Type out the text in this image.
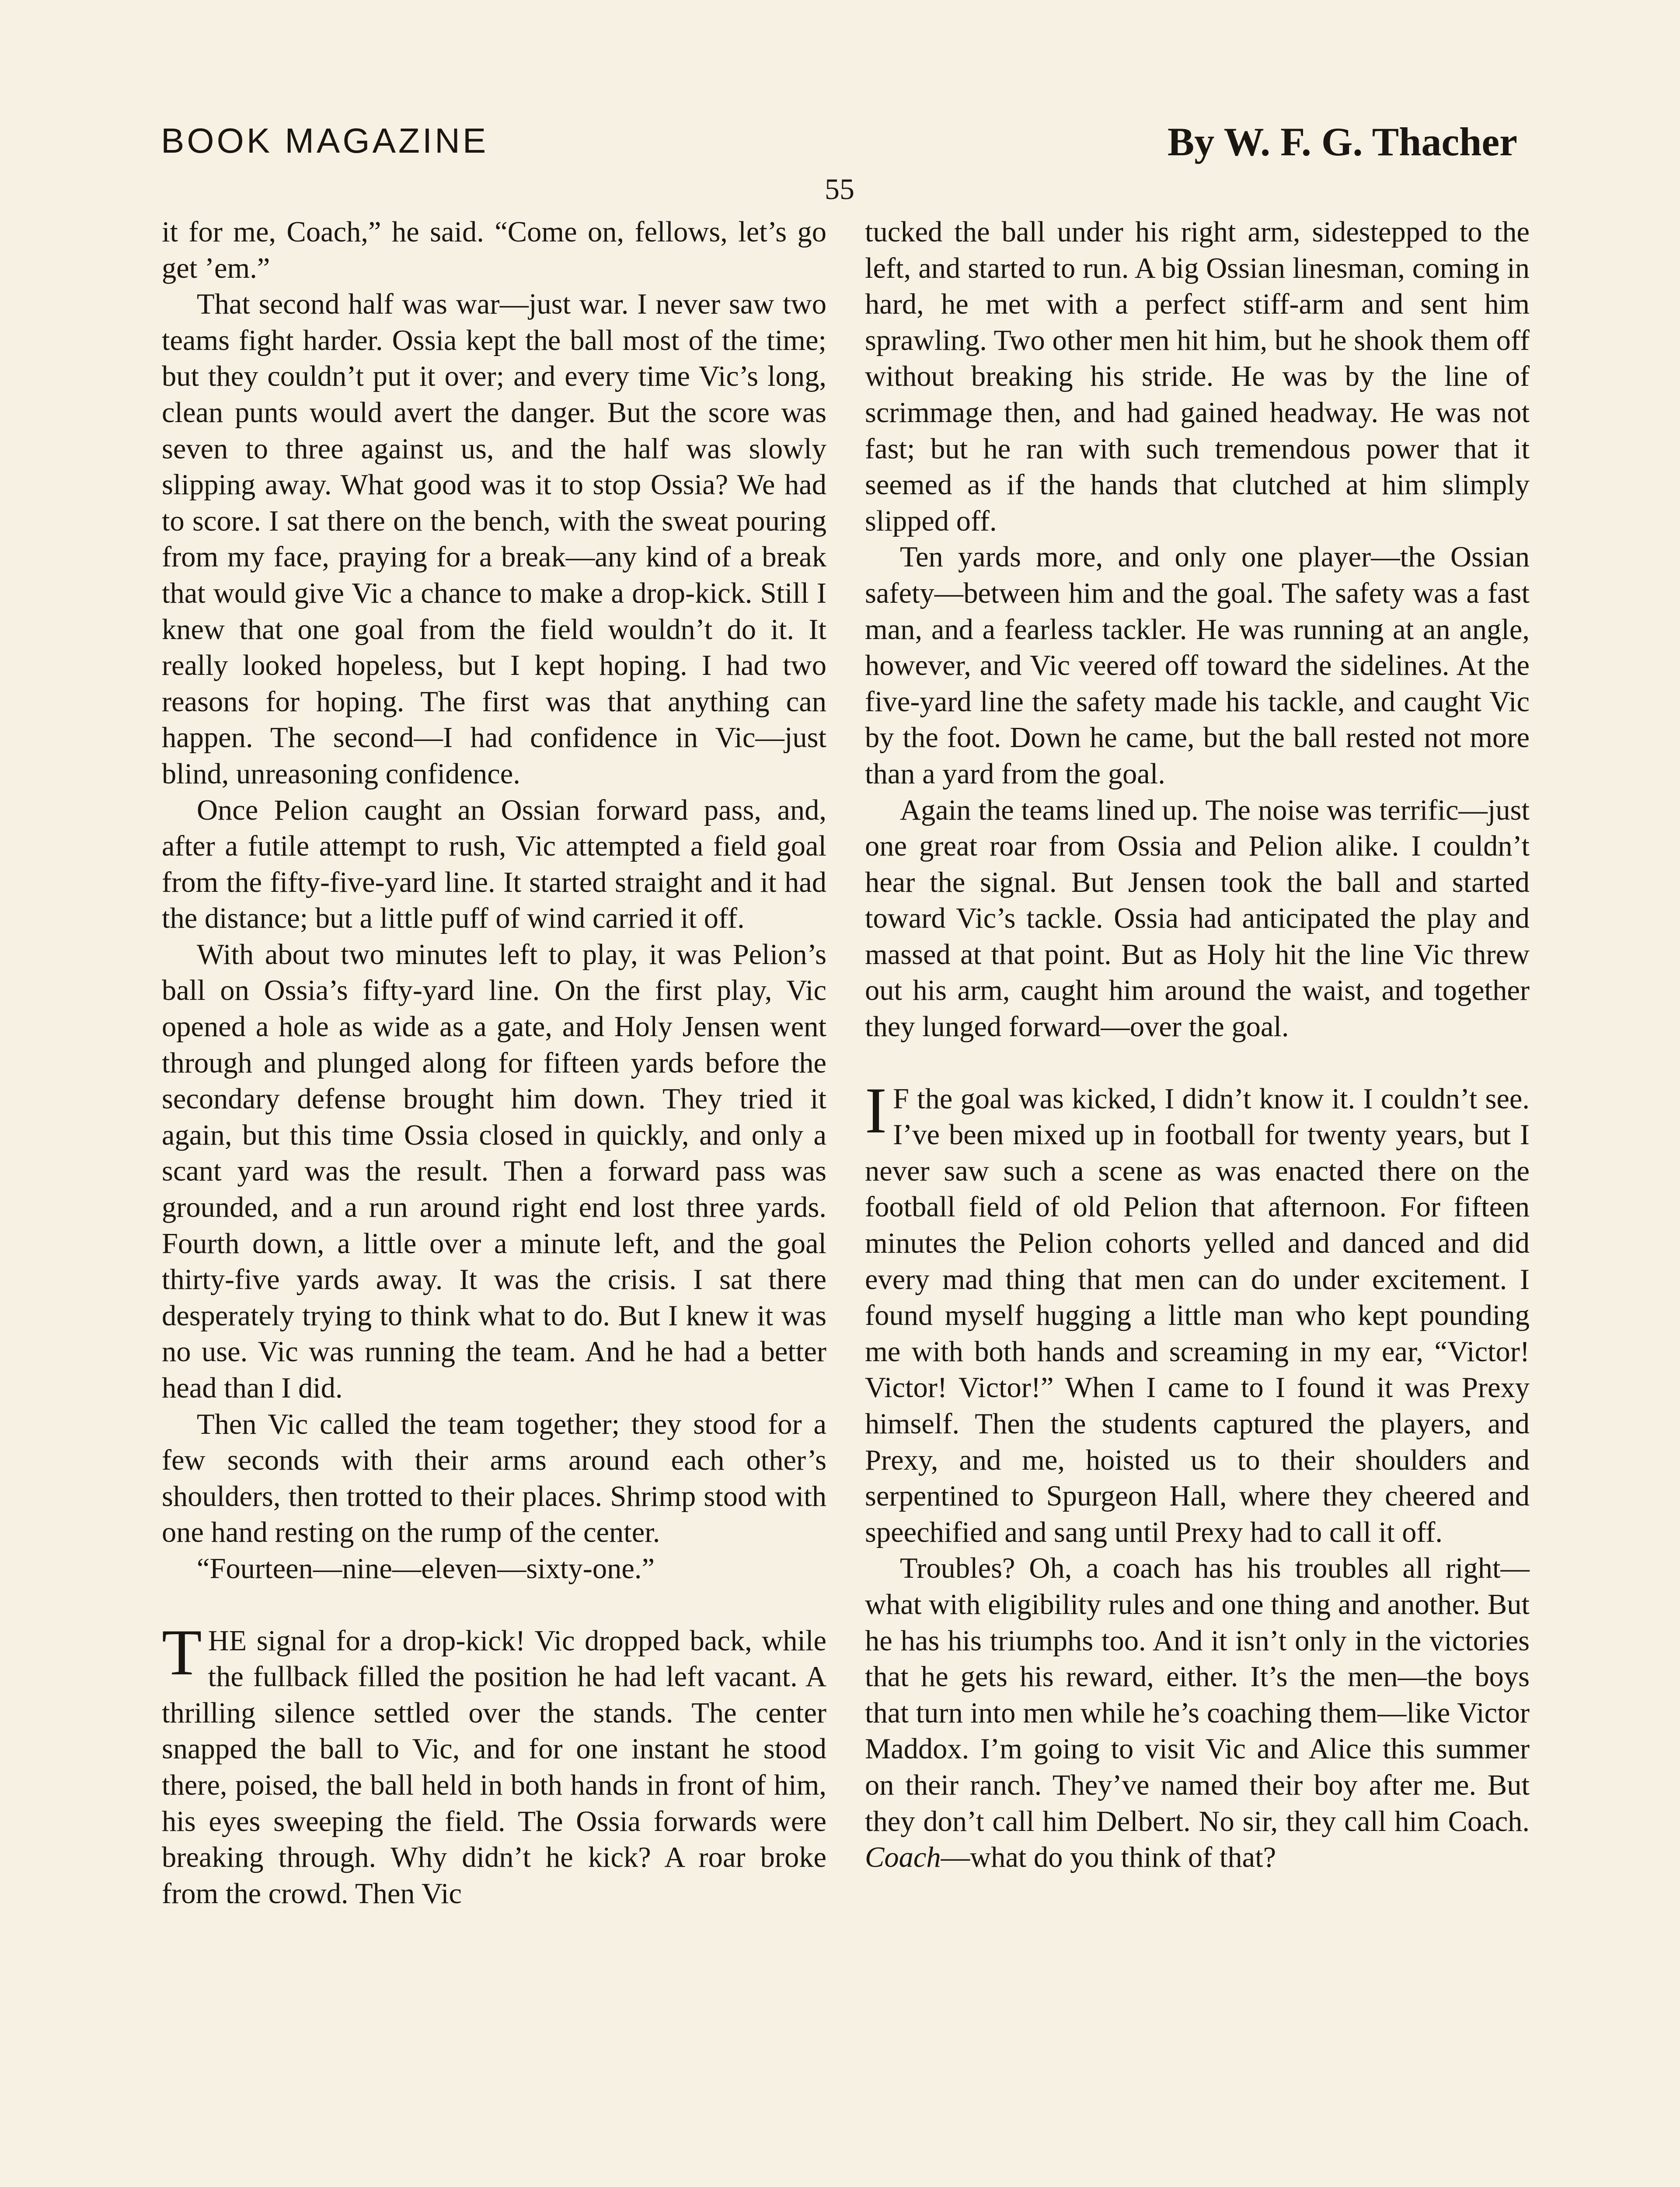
BOOK MAGAZINE	By W. F. G. Thacher
55

it for me, Coach,” he said. “Come on, fellows, let’s go get ’em.”

That second half was war—just war. I never saw two teams fight harder. Ossia kept the ball most of the time; but they couldn’t put it over; and every time Vic’s long, clean punts would avert the danger. But the score was seven to three against us, and the half was slowly slipping away. What good was it to stop Ossia? We had to score. I sat there on the bench, with the sweat pouring from my face, praying for a break—any kind of a break that would give Vic a chance to make a drop-kick. Still I knew that one goal from the field wouldn’t do it. It really looked hopeless, but I kept hoping. I had two reasons for hoping. The first was that anything can happen. The second—I had confidence in Vic—just blind, unreasoning confidence.

Once Pelion caught an Ossian forward pass, and, after a futile attempt to rush, Vic attempted a field goal from the fifty-five-yard line. It started straight and it had the distance; but a little puff of wind carried it off.

With about two minutes left to play, it was Pelion’s ball on Ossia’s fifty-yard line. On the first play, Vic opened a hole as wide as a gate, and Holy Jensen went through and plunged along for fifteen yards before the secondary defense brought him down. They tried it again, but this time Ossia closed in quickly, and only a scant yard was the result. Then a forward pass was grounded, and a run around right end lost three yards. Fourth down, a little over a minute left, and the goal thirty-five yards away. It was the crisis. I sat there desperately trying to think what to do. But I knew it was no use. Vic was running the team. And he had a better head than I did.

Then Vic called the team together; they stood for a few seconds with their arms around each other’s shoulders, then trotted to their places. Shrimp stood with one hand resting on the rump of the center.

“Fourteen—nine—eleven—sixty-one.”

THE signal for a drop-kick! Vic dropped back, while the fullback filled the position he had left vacant. A thrilling silence settled over the stands. The center snapped the ball to Vic, and for one instant he stood there, poised, the ball held in both hands in front of him, his eyes sweeping the field. The Ossia forwards were breaking through. Why didn’t he kick? A roar broke from the crowd. Then Vic

tucked the ball under his right arm, sidestepped to the left, and started to run. A big Ossian linesman, coming in hard, he met with a perfect stiff-arm and sent him sprawling. Two other men hit him, but he shook them off without breaking his stride. He was by the line of scrimmage then, and had gained headway. He was not fast; but he ran with such tremendous power that it seemed as if the hands that clutched at him slimply slipped off.

Ten yards more, and only one player—the Ossian safety—between him and the goal. The safety was a fast man, and a fearless tackler. He was running at an angle, however, and Vic veered off toward the sidelines. At the five-yard line the safety made his tackle, and caught Vic by the foot. Down he came, but the ball rested not more than a yard from the goal.

Again the teams lined up. The noise was terrific—just one great roar from Ossia and Pelion alike. I couldn’t hear the signal. But Jensen took the ball and started toward Vic’s tackle. Ossia had anticipated the play and massed at that point. But as Holy hit the line Vic threw out his arm, caught him around the waist, and together they lunged forward—over the goal.

I F the goal was kicked, I didn’t know it. I couldn’t see. I’ve been mixed up in football for twenty years, but I never saw such a scene as was enacted there on the football field of old Pelion that afternoon. For fifteen minutes the Pelion cohorts yelled and danced and did every mad thing that men can do under excitement. I found myself hugging a little man who kept pounding me with both hands and screaming in my ear, “Victor! Victor! Victor!” When I came to I found it was Prexy himself. Then the students captured the players, and Prexy, and me, hoisted us to their shoulders and serpentined to Spurgeon Hall, where they cheered and speechified and sang until Prexy had to call it off.

Troubles? Oh, a coach has his troubles all right—what with eligibility rules and one thing and another. But he has his triumphs too. And it isn’t only in the victories that he gets his reward, either. It’s the men—the boys that turn into men while he’s coaching them—like Victor Maddox. I’m going to visit Vic and Alice this summer on their ranch. They’ve named their boy after me. But they don’t call him Delbert. No sir, they call him Coach. Coach—what do you think of that?
